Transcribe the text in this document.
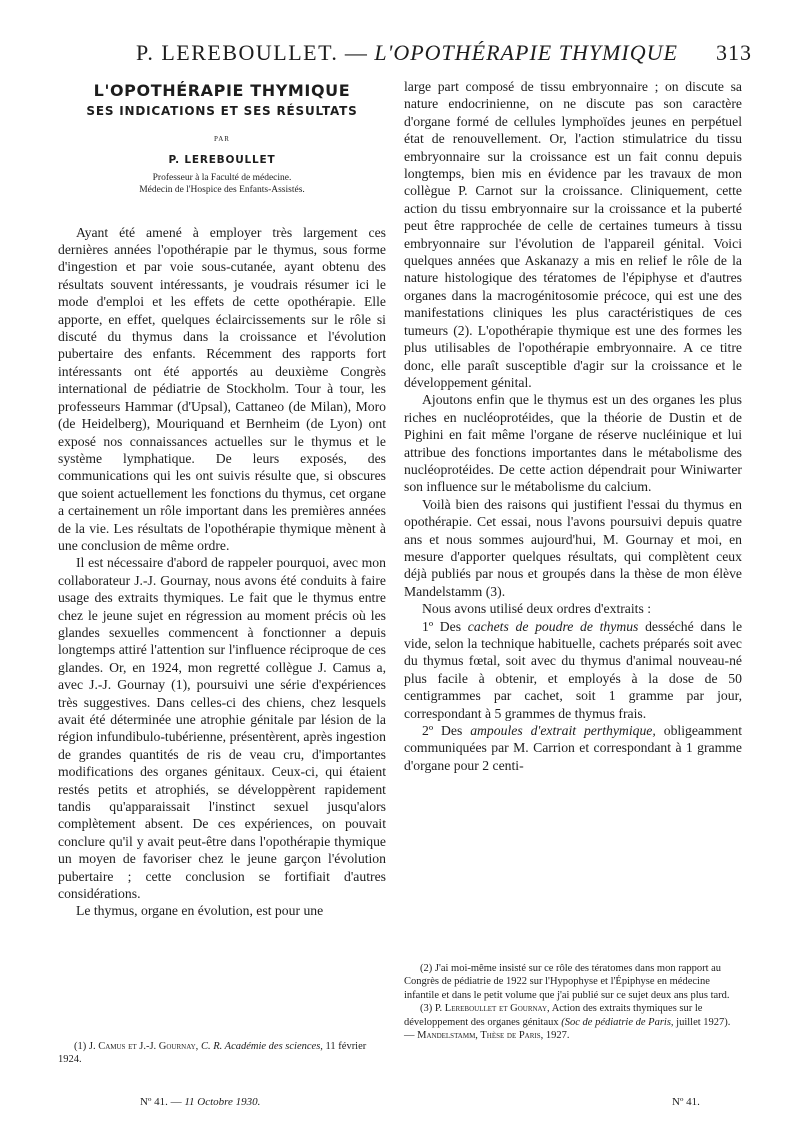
P. LEREBOULLET. — L'OPOTHÉRAPIE THYMIQUE 313
L'OPOTHÉRAPIE THYMIQUE
SES INDICATIONS ET SES RÉSULTATS
PAR
P. LEREBOULLET

Professeur à la Faculté de médecine.

Médecin de l'Hospice des Enfants-Assistés.

Ayant été amené à employer très largement ces dernières années l'opothérapie par le thymus, sous forme d'ingestion et par voie sous-cutanée, ayant obtenu des résultats souvent intéressants, je voudrais résumer ici le mode d'emploi et les effets de cette opothérapie. Elle apporte, en effet, quelques éclaircissements sur le rôle si discuté du thymus dans la croissance et l'évolution pubertaire des enfants. Récemment des rapports fort intéressants ont été apportés au deuxième Congrès international de pédiatrie de Stockholm. Tour à tour, les professeurs Hammar (d'Upsal), Cattaneo (de Milan), Moro (de Heidelberg), Mouriquand et Bernheim (de Lyon) ont exposé nos connaissances actuelles sur le thymus et le système lymphatique. De leurs exposés, des communications qui les ont suivis résulte que, si obscures que soient actuellement les fonctions du thymus, cet organe a certainement un rôle important dans les premières années de la vie. Les résultats de l'opothérapie thymique mènent à une conclusion de même ordre.

Il est nécessaire d'abord de rappeler pourquoi, avec mon collaborateur J.-J. Gournay, nous avons été conduits à faire usage des extraits thymiques. Le fait que le thymus entre chez le jeune sujet en régression au moment précis où les glandes sexuelles commencent à fonctionner a depuis longtemps attiré l'attention sur l'influence réciproque de ces glandes. Or, en 1924, mon regretté collègue J. Camus a, avec J.-J. Gournay (1), poursuivi une série d'expériences très suggestives. Dans celles-ci des chiens, chez lesquels avait été déterminée une atrophie génitale par lésion de la région infundibulo-tubérienne, présentèrent, après ingestion de grandes quantités de ris de veau cru, d'importantes modifications des organes génitaux. Ceux-ci, qui étaient restés petits et atrophiés, se développèrent rapidement tandis qu'apparaissait l'instinct sexuel jusqu'alors complètement absent. De ces expériences, on pouvait conclure qu'il y avait peut-être dans l'opothérapie thymique un moyen de favoriser chez le jeune garçon l'évolution pubertaire ; cette conclusion se fortifiait d'autres considérations.

Le thymus, organe en évolution, est pour une

large part composé de tissu embryonnaire ; on discute sa nature endocrinienne, on ne discute pas son caractère d'organe formé de cellules lymphoïdes jeunes en perpétuel état de renouvellement. Or, l'action stimulatrice du tissu embryonnaire sur la croissance est un fait connu depuis longtemps, bien mis en évidence par les travaux de mon collègue P. Carnot sur la croissance. Cliniquement, cette action du tissu embryonnaire sur la croissance et la puberté peut être rapprochée de celle de certaines tumeurs à tissu embryonnaire sur l'évolution de l'appareil génital. Voici quelques années que Askanazy a mis en relief le rôle de la nature histologique des tératomes de l'épiphyse et d'autres organes dans la macrogénitosomie précoce, qui est une des manifestations cliniques les plus caractéristiques de ces tumeurs (2). L'opothérapie thymique est une des formes les plus utilisables de l'opothérapie embryonnaire. A ce titre donc, elle paraît susceptible d'agir sur la croissance et le développement génital.

Ajoutons enfin que le thymus est un des organes les plus riches en nucléoprotéides, que la théorie de Dustin et de Pighini en fait même l'organe de réserve nucléinique et lui attribue des fonctions importantes dans le métabolisme des nucléoprotéides. De cette action dépendrait pour Winiwarter son influence sur le métabolisme du calcium.

Voilà bien des raisons qui justifient l'essai du thymus en opothérapie. Cet essai, nous l'avons poursuivi depuis quatre ans et nous sommes aujourd'hui, M. Gournay et moi, en mesure d'apporter quelques résultats, qui complètent ceux déjà publiés par nous et groupés dans la thèse de mon élève Mandelstamm (3).

Nous avons utilisé deux ordres d'extraits :

1º Des cachets de poudre de thymus desséché dans le vide, selon la technique habituelle, cachets préparés soit avec du thymus fœtal, soit avec du thymus d'animal nouveau-né plus facile à obtenir, et employés à la dose de 50 centigrammes par cachet, soit 1 gramme par jour, correspondant à 5 grammes de thymus frais.

2º Des ampoules d'extrait perthymique, obligeamment communiquées par M. Carrion et correspondant à 1 gramme d'organe pour 2 centi-

(2) J'ai moi-même insisté sur ce rôle des tératomes dans mon rapport au Congrès de pédiatrie de 1922 sur l'Hypophyse et l'Épiphyse en médecine infantile et dans le petit volume que j'ai publié sur ce sujet deux ans plus tard.

(3) P. Lereboullet et Gournay, Action des extraits thymiques sur le développement des organes génitaux (Soc de pédiatrie de Paris, juillet 1927). — Mandelstamm, Thèse de Paris, 1927.

(1) J. Camus et J.-J. Gournay, C. R. Académie des sciences, 11 février 1924.

Nº 41. — 11 Octobre 1930.	Nº 41.
